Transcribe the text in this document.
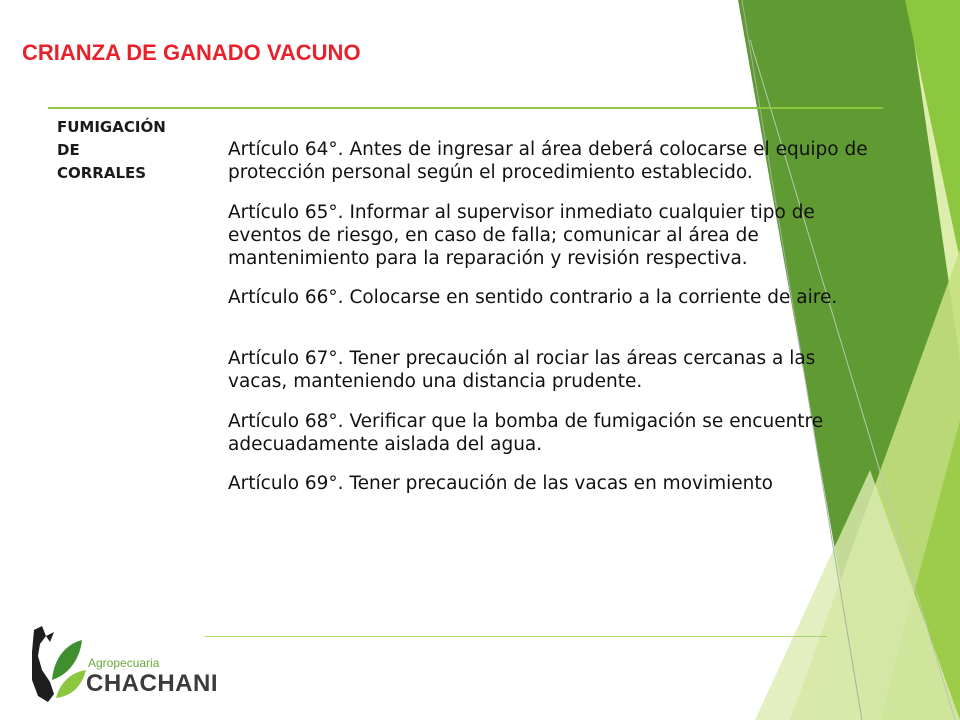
CRIANZA DE GANADO VACUNO
FUMIGACIÓN
DE
CORRALES

Artículo 64°. Antes de ingresar al área deberá colocarse el equipo de protección personal según el procedimiento establecido.

Artículo 65°. Informar al supervisor inmediato cualquier tipo de eventos de riesgo, en caso de falla; comunicar al área de mantenimiento para la reparación y revisión respectiva.

Artículo 66°. Colocarse en sentido contrario a la corriente de aire.

Artículo 67°. Tener precaución al rociar las áreas cercanas a las vacas, manteniendo una distancia prudente.

Artículo 68°. Verificar que la bomba de fumigación se encuentre adecuadamente aislada del agua.

Artículo 69°. Tener precaución de las vacas en movimiento

Agropecuaria

CHACHANI
